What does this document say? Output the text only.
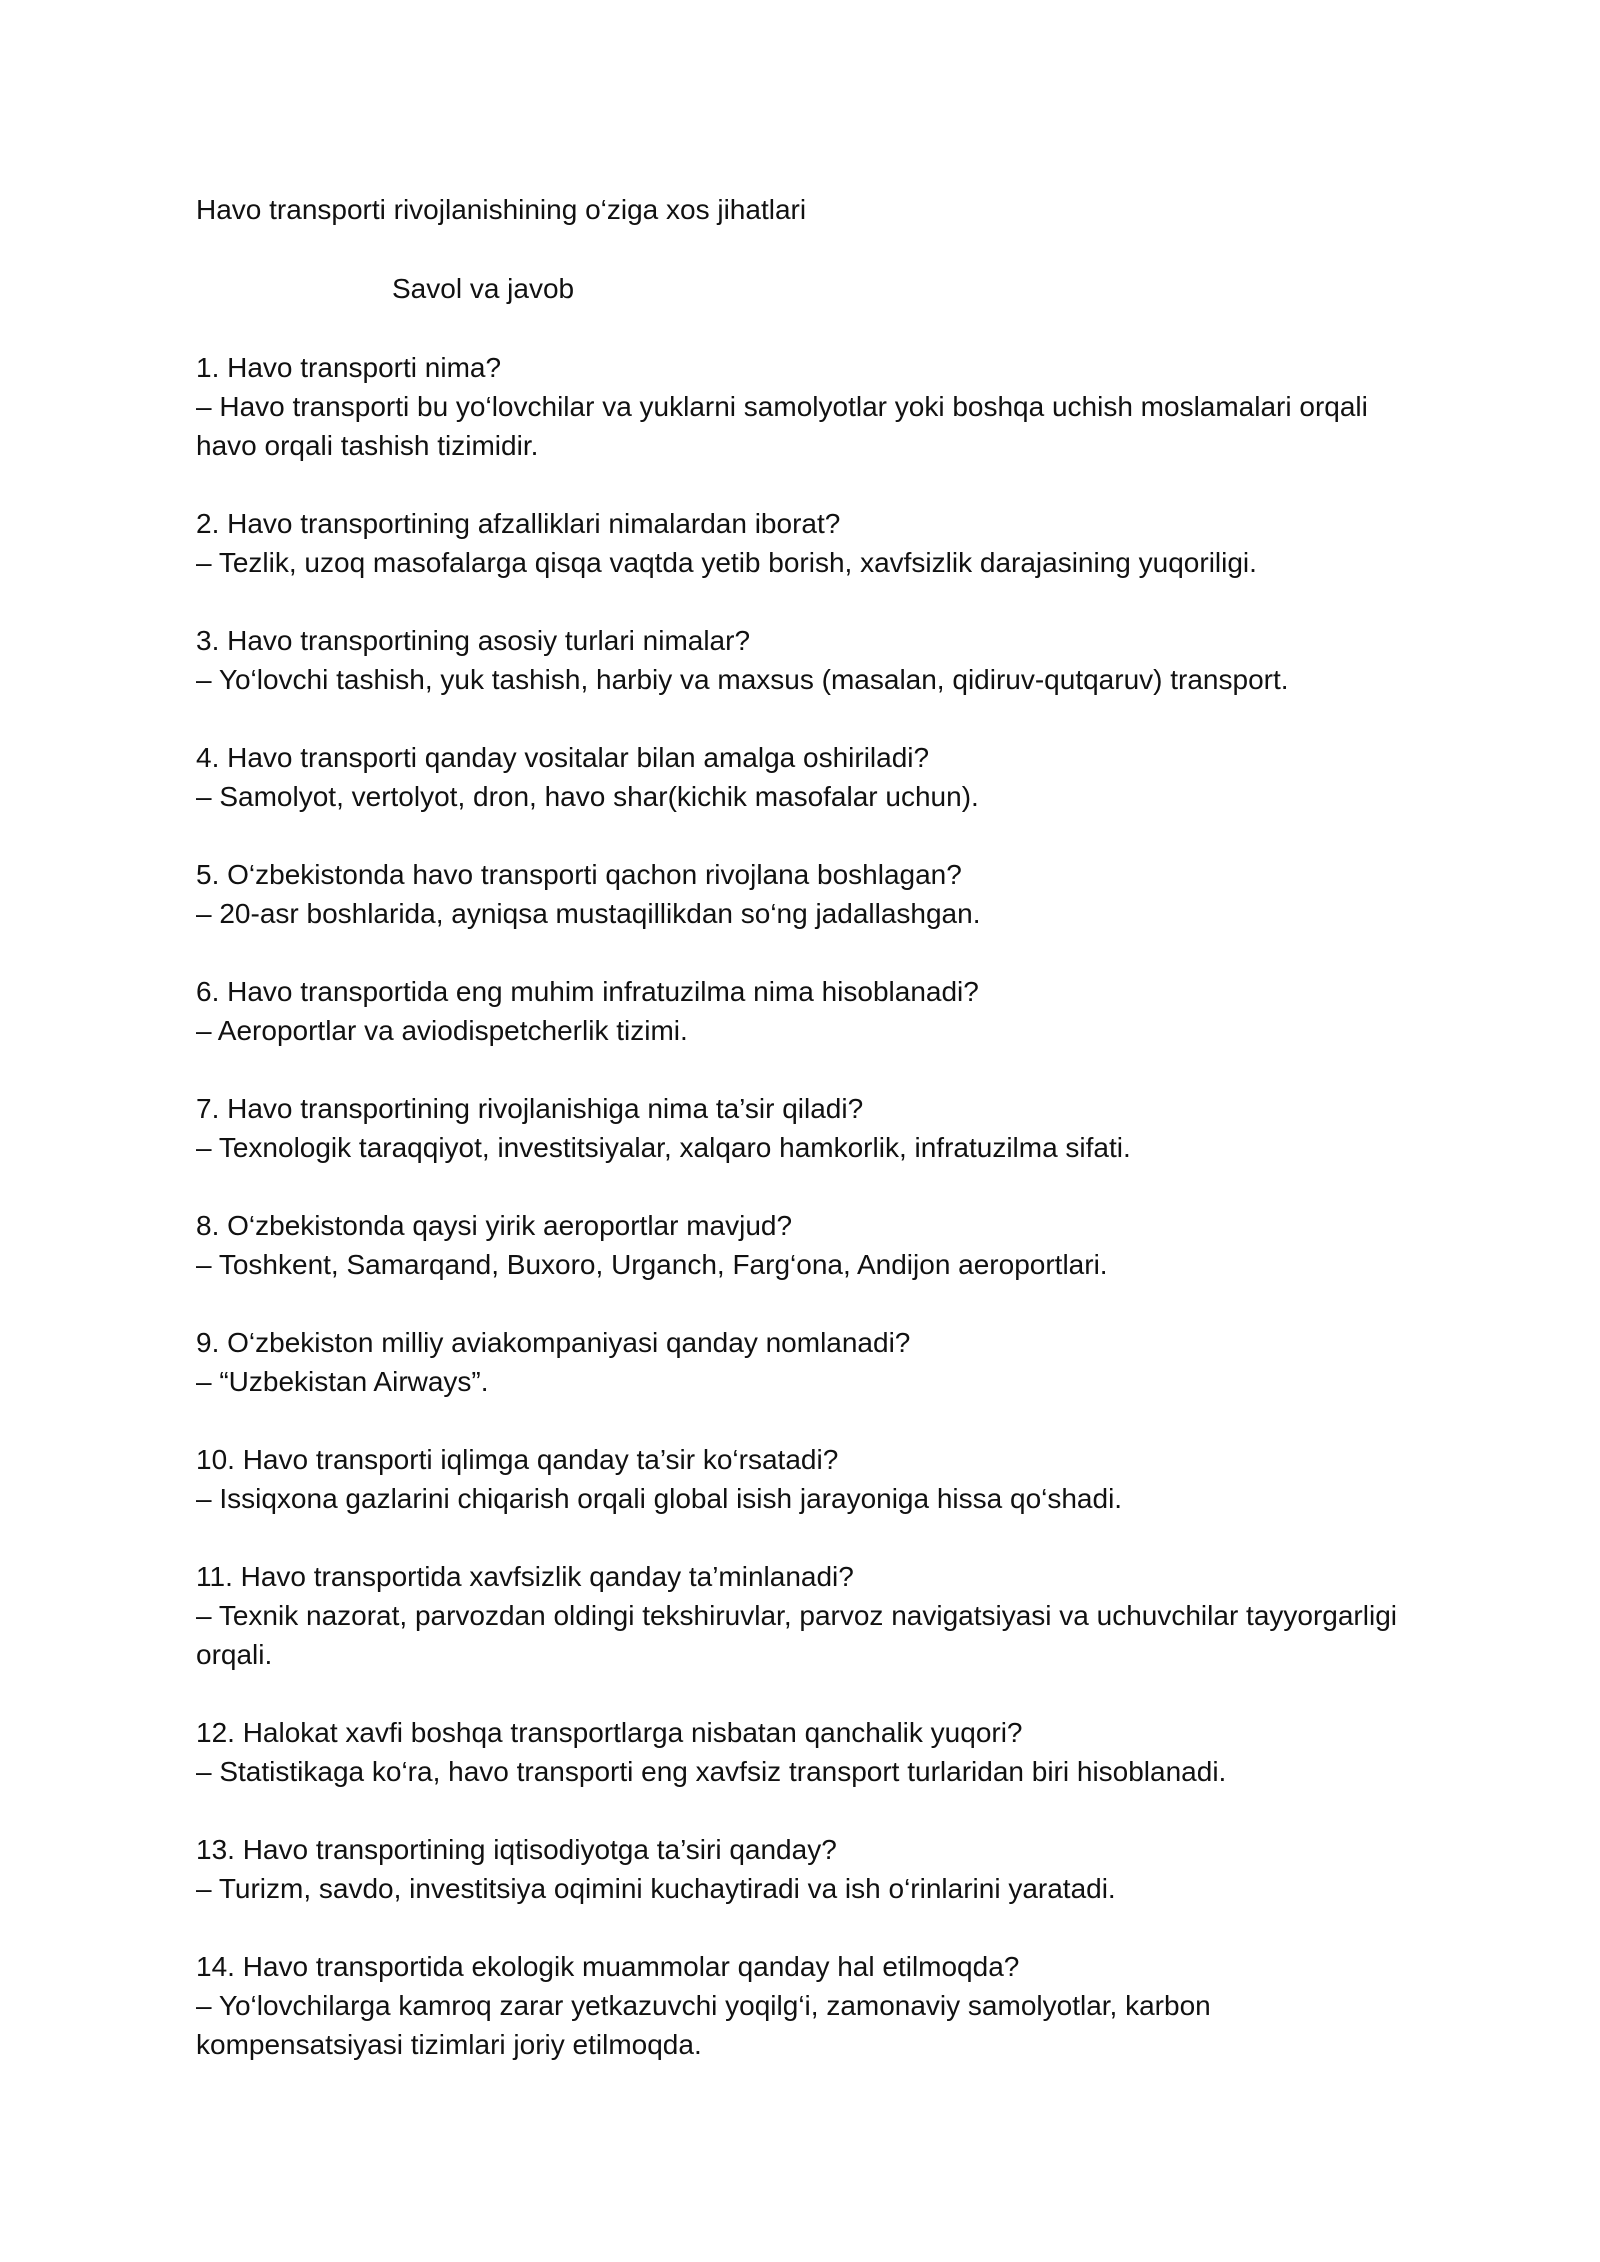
Havo transporti rivojlanishining o‘ziga xos jihatlari
Savol va javob

1. Havo transporti nima?

– Havo transporti bu yo‘lovchilar va yuklarni samolyotlar yoki boshqa uchish moslamalari orqali havo orqali tashish tizimidir.

2. Havo transportining afzalliklari nimalardan iborat?

– Tezlik, uzoq masofalarga qisqa vaqtda yetib borish, xavfsizlik darajasining yuqoriligi.

3. Havo transportining asosiy turlari nimalar?

– Yo‘lovchi tashish, yuk tashish, harbiy va maxsus (masalan, qidiruv-qutqaruv) transport.

4. Havo transporti qanday vositalar bilan amalga oshiriladi?

– Samolyot, vertolyot, dron, havo shar(kichik masofalar uchun).

5. O‘zbekistonda havo transporti qachon rivojlana boshlagan?

– 20-asr boshlarida, ayniqsa mustaqillikdan so‘ng jadallashgan.

6. Havo transportida eng muhim infratuzilma nima hisoblanadi?

– Aeroportlar va aviodispetcherlik tizimi.

7. Havo transportining rivojlanishiga nima ta’sir qiladi?

– Texnologik taraqqiyot, investitsiyalar, xalqaro hamkorlik, infratuzilma sifati.

8. O‘zbekistonda qaysi yirik aeroportlar mavjud?

– Toshkent, Samarqand, Buxoro, Urganch, Farg‘ona, Andijon aeroportlari.

9. O‘zbekiston milliy aviakompaniyasi qanday nomlanadi?

– “Uzbekistan Airways”.

10. Havo transporti iqlimga qanday ta’sir ko‘rsatadi?

– Issiqxona gazlarini chiqarish orqali global isish jarayoniga hissa qo‘shadi.

11. Havo transportida xavfsizlik qanday ta’minlanadi?

– Texnik nazorat, parvozdan oldingi tekshiruvlar, parvoz navigatsiyasi va uchuvchilar tayyorgarligi orqali.

12. Halokat xavfi boshqa transportlarga nisbatan qanchalik yuqori?

– Statistikaga ko‘ra, havo transporti eng xavfsiz transport turlaridan biri hisoblanadi.

13. Havo transportining iqtisodiyotga ta’siri qanday?

– Turizm, savdo, investitsiya oqimini kuchaytiradi va ish o‘rinlarini yaratadi.

14. Havo transportida ekologik muammolar qanday hal etilmoqda?

– Yo‘lovchilarga kamroq zarar yetkazuvchi yoqilg‘i, zamonaviy samolyotlar, karbon kompensatsiyasi tizimlari joriy etilmoqda.
